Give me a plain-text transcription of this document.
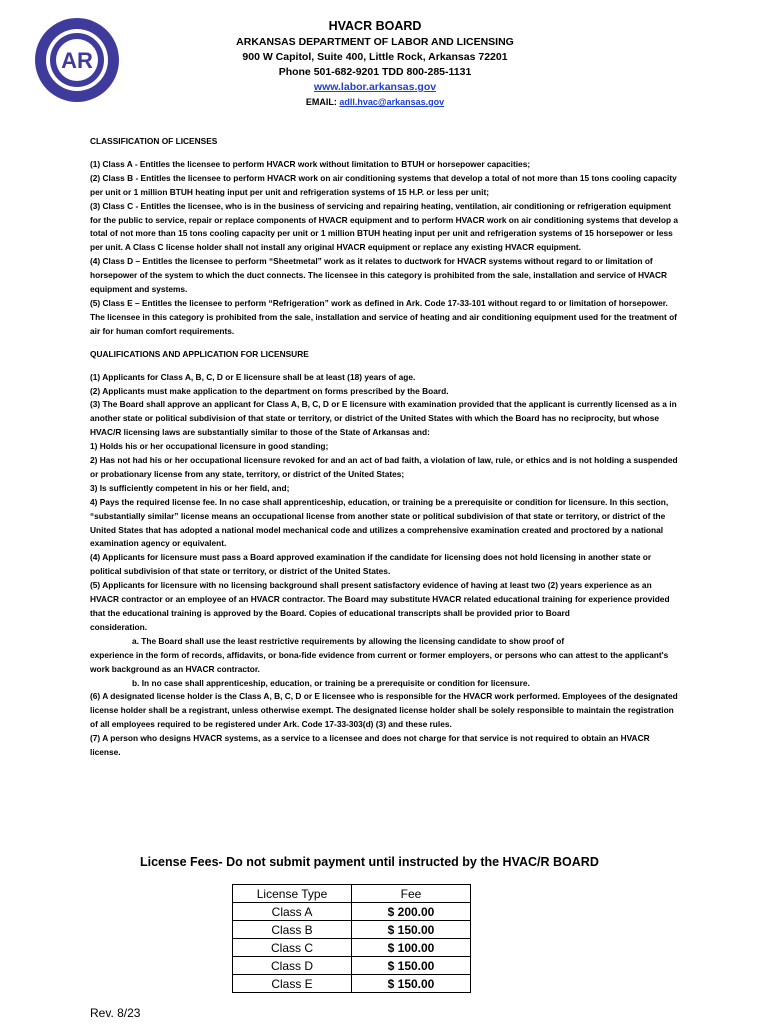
AR
HVACR BOARD
ARKANSAS DEPARTMENT OF LABOR AND LICENSING
900 W Capitol, Suite 400, Little Rock, Arkansas 72201
Phone 501-682-9201 TDD 800-285-1131
www.labor.arkansas.gov
EMAIL: adll.hvac@arkansas.gov

CLASSIFICATION OF LICENSES

(1) Class A - Entitles the licensee to perform HVACR work without limitation to BTUH or horsepower capacities;

(2) Class B - Entitles the licensee to perform HVACR work on air conditioning systems that develop a total of not more than 15 tons cooling capacity per unit or 1 million BTUH heating input per unit and refrigeration systems of 15 H.P. or less per unit;

(3) Class C - Entitles the licensee, who is in the business of servicing and repairing heating, ventilation, air conditioning or refrigeration equipment for the public to service, repair or replace components of HVACR equipment and to perform HVACR work on air conditioning systems that develop a total of not more than 15 tons cooling capacity per unit or 1 million BTUH heating input per unit and refrigeration systems of 15 horsepower or less per unit. A Class C license holder shall not install any original HVACR equipment or replace any existing HVACR equipment.

(4) Class D – Entitles the licensee to perform “Sheetmetal” work as it relates to ductwork for HVACR systems without regard to or limitation of horsepower of the system to which the duct connects. The licensee in this category is prohibited from the sale, installation and service of HVACR equipment and systems.

(5) Class E – Entitles the licensee to perform “Refrigeration” work as defined in Ark. Code 17-33-101 without regard to or limitation of horsepower. The licensee in this category is prohibited from the sale, installation and service of heating and air conditioning equipment used for the treatment of air for human comfort requirements.

QUALIFICATIONS AND APPLICATION FOR LICENSURE

(1) Applicants for Class A, B, C, D or E licensure shall be at least (18) years of age.

(2) Applicants must make application to the department on forms prescribed by the Board.

(3) The Board shall approve an applicant for Class A, B, C, D or E licensure with examination provided that the applicant is currently licensed as a in another state or political subdivision of that state or territory, or district of the United States with which the Board has no reciprocity, but whose HVAC/R licensing laws are substantially similar to those of the State of Arkansas and:

1) Holds his or her occupational licensure in good standing;

2) Has not had his or her occupational licensure revoked for and an act of bad faith, a violation of law, rule, or ethics and is not holding a suspended or probationary license from any state, territory, or district of the United States;

3) Is sufficiently competent in his or her field, and;

4) Pays the required license fee. In no case shall apprenticeship, education, or training be a prerequisite or condition for licensure. In this section, “substantially similar” license means an occupational license from another state or political subdivision of that state or territory, or district of the United States that has adopted a national model mechanical code and utilizes a comprehensive examination created and proctored by a national examination agency or equivalent.

(4) Applicants for licensure must pass a Board approved examination if the candidate for licensing does not hold licensing in another state or political subdivision of that state or territory, or district of the United States.

(5) Applicants for licensure with no licensing background shall present satisfactory evidence of having at least two (2) years experience as an HVACR contractor or an employee of an HVACR contractor. The Board may substitute HVACR related educational training for experience provided that the educational training is approved by the Board. Copies of educational transcripts shall be provided prior to Board

consideration.

a. The Board shall use the least restrictive requirements by allowing the licensing candidate to show proof of

experience in the form of records, affidavits, or bona-fide evidence from current or former employers, or persons who can attest to the applicant's work background as an HVACR contractor.

b. In no case shall apprenticeship, education, or training be a prerequisite or condition for licensure.

(6) A designated license holder is the Class A, B, C, D or E licensee who is responsible for the HVACR work performed. Employees of the designated license holder shall be a registrant, unless otherwise exempt. The designated license holder shall be solely responsible to maintain the registration of all employees required to be registered under Ark. Code 17-33-303(d) (3) and these rules.

(7) A person who designs HVACR systems, as a service to a licensee and does not charge for that service is not required to obtain an HVACR license.

License Fees- Do not submit payment until instructed by the HVAC/R BOARD
License Type	Fee
Class A	$ 200.00
Class B	$ 150.00
Class C	$ 100.00
Class D	$ 150.00
Class E	$ 150.00
Rev. 8/23
